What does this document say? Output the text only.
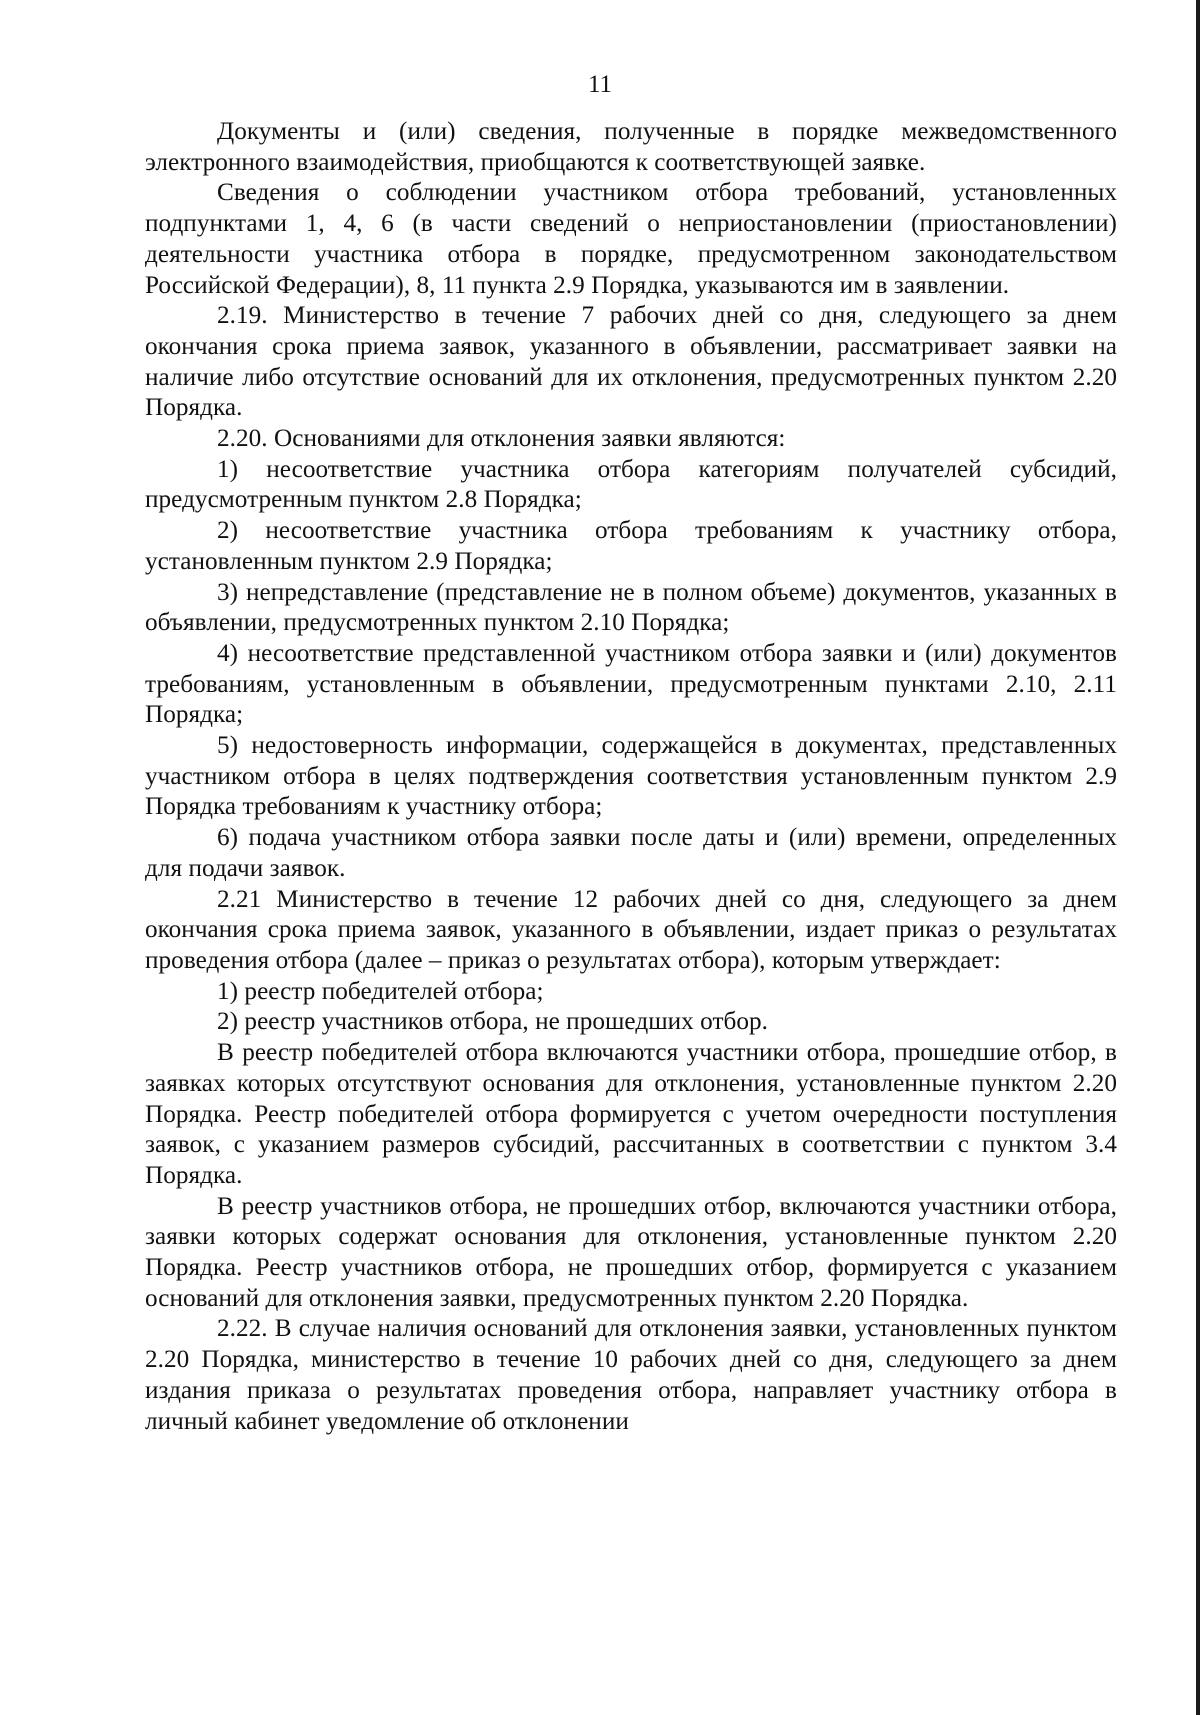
11

Документы и (или) сведения, полученные в порядке межведомственного электронного взаимодействия, приобщаются к соответствующей заявке.

Сведения о соблюдении участником отбора требований, установленных подпунктами 1, 4, 6 (в части сведений о неприостановлении (приостановлении) деятельности участника отбора в порядке, предусмотренном законодательством Российской Федерации), 8, 11 пункта 2.9 Порядка, указываются им в заявлении.

2.19. Министерство в течение 7 рабочих дней со дня, следующего за днем окончания срока приема заявок, указанного в объявлении, рассматривает заявки на наличие либо отсутствие оснований для их отклонения, предусмотренных пунктом 2.20 Порядка.

2.20. Основаниями для отклонения заявки являются:

1) несоответствие участника отбора категориям получателей субсидий, предусмотренным пунктом 2.8 Порядка;

2) несоответствие участника отбора требованиям к участнику отбора, установленным пунктом 2.9 Порядка;

3) непредставление (представление не в полном объеме) документов, указанных в объявлении, предусмотренных пунктом 2.10 Порядка;

4) несоответствие представленной участником отбора заявки и (или) документов требованиям, установленным в объявлении, предусмотренным пунктами 2.10, 2.11 Порядка;

5) недостоверность информации, содержащейся в документах, представленных участником отбора в целях подтверждения соответствия установленным пунктом 2.9 Порядка требованиям к участнику отбора;

6) подача участником отбора заявки после даты и (или) времени, определенных для подачи заявок.

2.21 Министерство в течение 12 рабочих дней со дня, следующего за днем окончания срока приема заявок, указанного в объявлении, издает приказ о результатах проведения отбора (далее – приказ о результатах отбора), которым утверждает:

1) реестр победителей отбора;

2) реестр участников отбора, не прошедших отбор.

В реестр победителей отбора включаются участники отбора, прошедшие отбор, в заявках которых отсутствуют основания для отклонения, установленные пунктом 2.20 Порядка. Реестр победителей отбора формируется с учетом очередности поступления заявок, с указанием размеров субсидий, рассчитанных в соответствии с пунктом 3.4 Порядка.

В реестр участников отбора, не прошедших отбор, включаются участники отбора, заявки которых содержат основания для отклонения, установленные пунктом 2.20 Порядка. Реестр участников отбора, не прошедших отбор, формируется с указанием оснований для отклонения заявки, предусмотренных пунктом 2.20 Порядка.

2.22. В случае наличия оснований для отклонения заявки, установленных пунктом 2.20 Порядка, министерство в течение 10 рабочих дней со дня, следующего за днем издания приказа о результатах проведения отбора, направляет участнику отбора в личный кабинет уведомление об отклонении
